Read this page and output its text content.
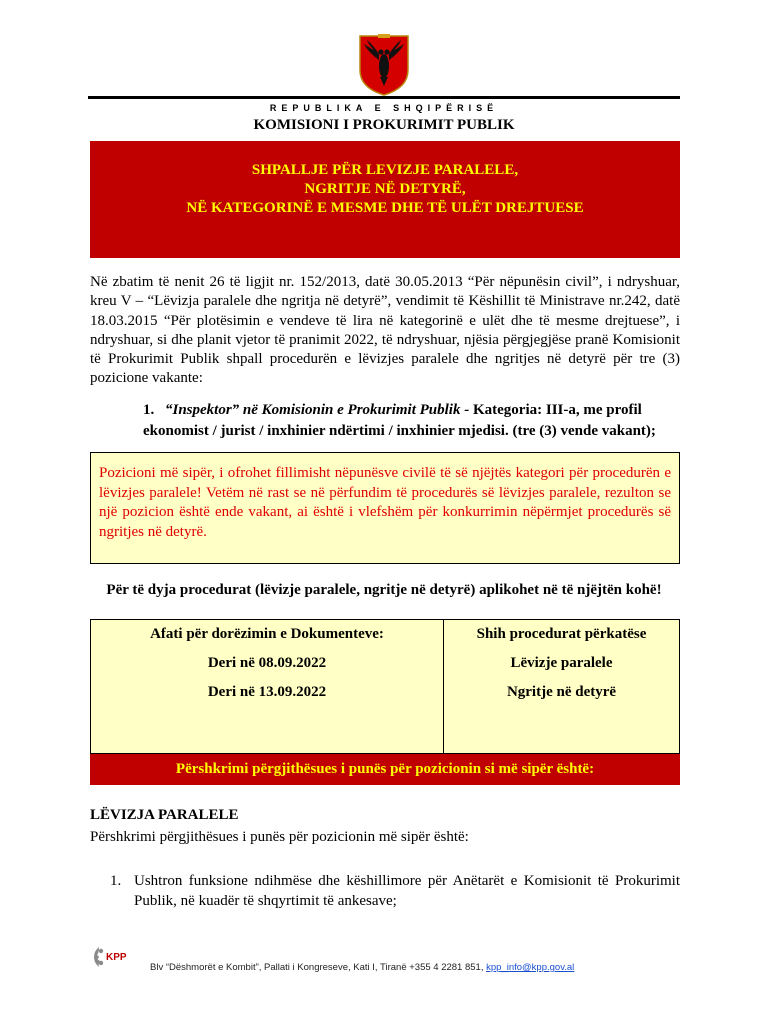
REPUBLIKA E SHQIPËRISË
KOMISIONI I PROKURIMIT PUBLIK
SHPALLJE PËR LEVIZJE PARALELE,
NGRITJE NË DETYRË,
NË KATEGORINË E MESME DHE TË ULËT DREJTUESE

Në zbatim të nenit 26 të ligjit nr. 152/2013, datë 30.05.2013 “Për nëpunësin civil”, i ndryshuar, kreu V – “Lëvizja paralele dhe ngritja në detyrë”, vendimit të Këshillit të Ministrave nr.242, datë 18.03.2015 “Për plotësimin e vendeve të lira në kategorinë e ulët dhe të mesme drejtuese”, i ndryshuar, si dhe planit vjetor të pranimit 2022, të ndryshuar, njësia përgjegjëse pranë Komisionit të Prokurimit Publik shpall procedurën e lëvizjes paralele dhe ngritjes në detyrë për tre (3) pozicione vakante:

1. “Inspektor” në Komisionin e Prokurimit Publik - Kategoria: III-a, me profil
ekonomist / jurist / inxhinier ndërtimi / inxhinier mjedisi. (tre (3) vende vakant);

Pozicioni më sipër, i ofrohet fillimisht nëpunësve civilë të së njëjtës kategori për procedurën e lëvizjes paralele! Vetëm në rast se në përfundim të procedurës së lëvizjes paralele, rezulton se një pozicion është ende vakant, ai është i vlefshëm për konkurrimin nëpërmjet procedurës së ngritjes në detyrë.

Për të dyja procedurat (lëvizje paralele, ngritje në detyrë) aplikohet në të njëjtën kohë!
Afati për dorëzimin e Dokumenteve:
Deri në 08.09.2022
Deri në 13.09.2022
Shih procedurat përkatëse
Lëvizje paralele
Ngritje në detyrë
Përshkrimi përgjithësues i punës për pozicionin si më sipër është:
LËVIZJA PARALELE
Përshkrimi përgjithësues i punës për pozicionin më sipër është:
1. Ushtron funksione ndihmëse dhe këshillimore për Anëtarët e Komisionit të Prokurimit Publik, në kuadër të shqyrtimit të ankesave;

KPP
Blv “Dëshmorët e Kombit”, Pallati i Kongreseve, Kati I, Tiranë +355 4 2281 851, kpp_info@kpp.gov.al
